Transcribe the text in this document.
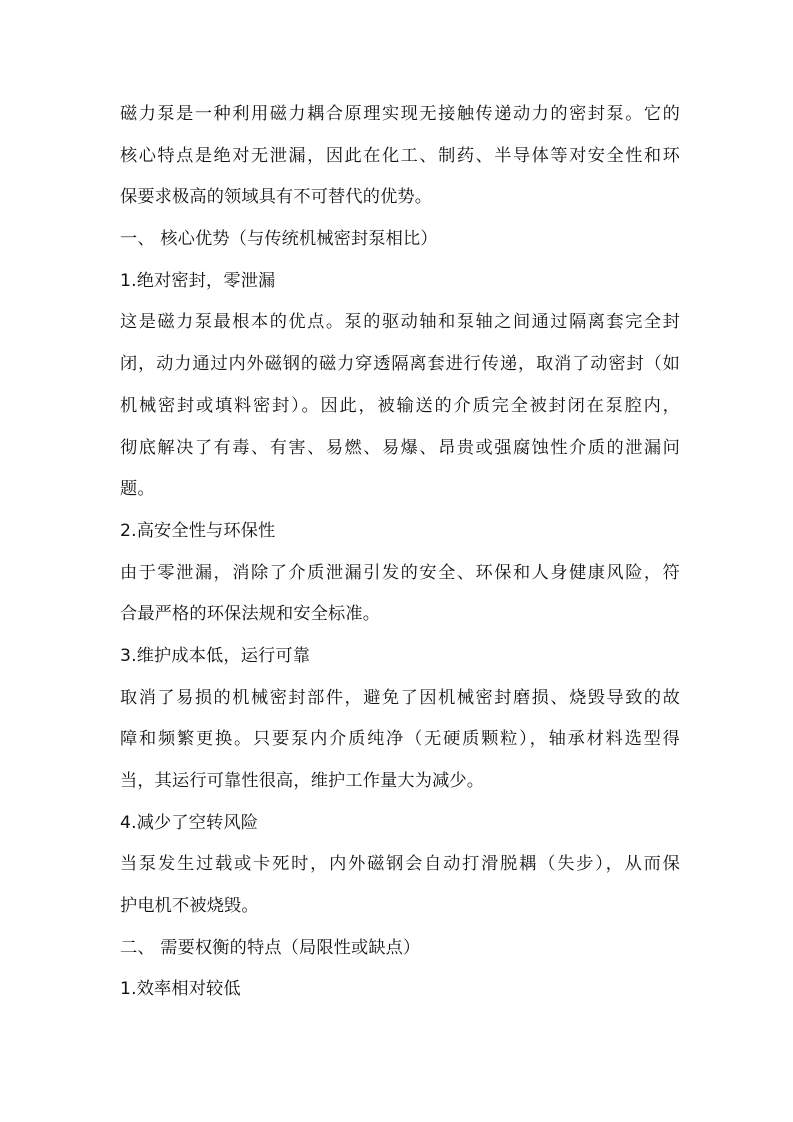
磁力泵是一种利用磁力耦合原理实现无接触传递动力的密封泵。它的
核心特点是绝对无泄漏，因此在化工、制药、半导体等对安全性和环
保要求极高的领域具有不可替代的优势。
一、 核心优势（与传统机械密封泵相比）
1.绝对密封，零泄漏
这是磁力泵最根本的优点。泵的驱动轴和泵轴之间通过隔离套完全封
闭，动力通过内外磁钢的磁力穿透隔离套进行传递，取消了动密封（如
机械密封或填料密封）。因此，被输送的介质完全被封闭在泵腔内，
彻底解决了有毒、有害、易燃、易爆、昂贵或强腐蚀性介质的泄漏问
题。
2.高安全性与环保性
由于零泄漏，消除了介质泄漏引发的安全、环保和人身健康风险，符
合最严格的环保法规和安全标准。
3.维护成本低，运行可靠
取消了易损的机械密封部件，避免了因机械密封磨损、烧毁导致的故
障和频繁更换。只要泵内介质纯净（无硬质颗粒），轴承材料选型得
当，其运行可靠性很高，维护工作量大为减少。
4.减少了空转风险
当泵发生过载或卡死时，内外磁钢会自动打滑脱耦（失步），从而保
护电机不被烧毁。
二、 需要权衡的特点（局限性或缺点）
1.效率相对较低
